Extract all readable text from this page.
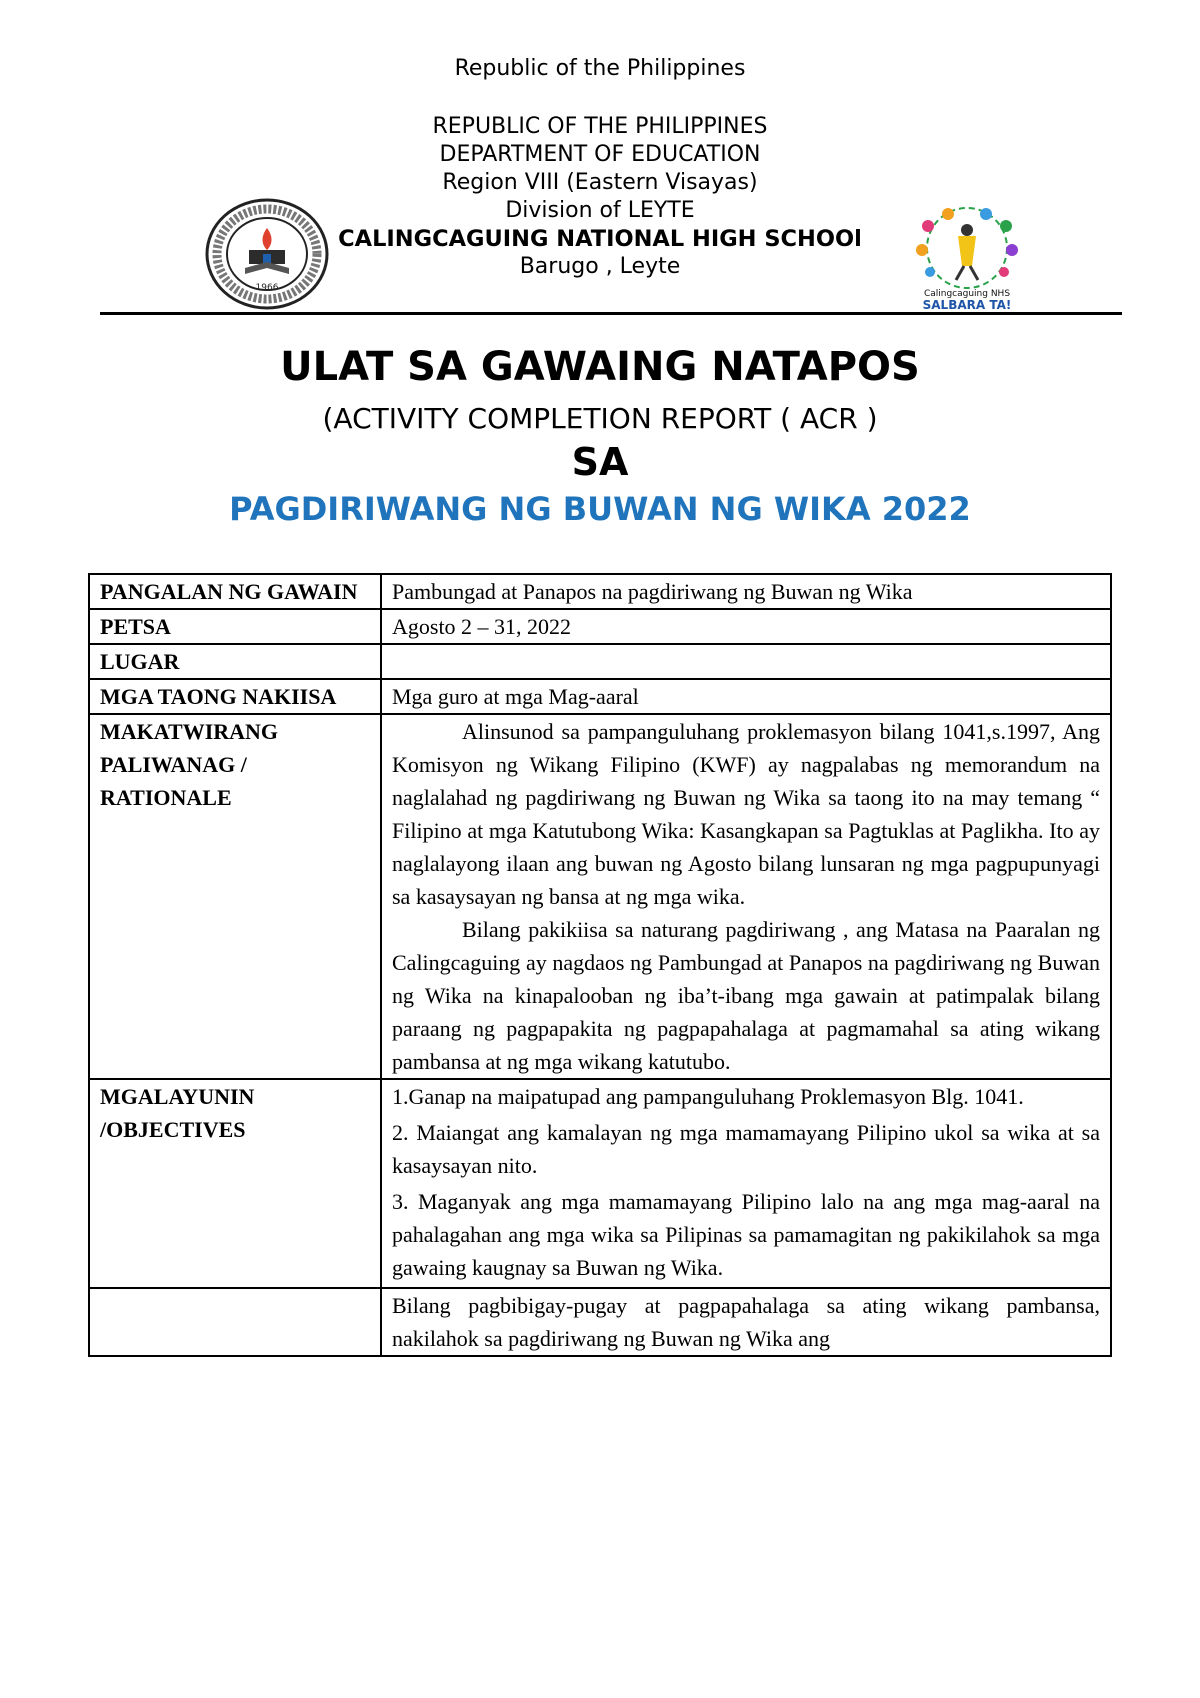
Republic of the Philippines
REPUBLIC OF THE PHILIPPINES
DEPARTMENT OF EDUCATION
Region VIII (Eastern Visayas)
Division of LEYTE
CALINGCAGUING NATIONAL HIGH SCHOOl
Barugo , Leyte
1966
Calingcaguing NHS
SALBARA TA!
ULAT SA GAWAING NATAPOS
(ACTIVITY COMPLETION REPORT ( ACR )
SA
PAGDIRIWANG NG BUWAN NG WIKA 2022
PANGALAN NG GAWAIN	Pambungad at Panapos na pagdiriwang ng Buwan ng Wika
PETSA	Agosto 2 – 31, 2022
LUGAR	
MGA TAONG NAKIISA	Mga guro at mga Mag-aaral
MAKATWIRANG PALIWANAG / RATIONALE	Alinsunod sa pampanguluhang proklemasyon bilang 1041,s.1997, Ang Komisyon ng Wikang Filipino (KWF) ay nagpalabas ng memorandum na naglalahad ng pagdiriwang ng Buwan ng Wika sa taong ito na may temang “ Filipino at mga Katutubong Wika: Kasangkapan sa Pagtuklas at Paglikha. Ito ay naglalayong ilaan ang buwan ng Agosto bilang lunsaran ng mga pagpupunyagi sa kasaysayan ng bansa at ng mga wika.

Bilang pakikiisa sa naturang pagdiriwang , ang Matasa na Paaralan ng Calingcaguing ay nagdaos ng Pambungad at Panapos na pagdiriwang ng Buwan ng Wika na kinapalooban ng iba’t-ibang mga gawain at patimpalak bilang paraang ng pagpapakita ng pagpapahalaga at pagmamahal sa ating wikang pambansa at ng mga wikang katutubo.

MGALAYUNIN /OBJECTIVES	1.Ganap na maipatupad ang pampanguluhang Proklemasyon Blg. 1041.

2. Maiangat ang kamalayan ng mga mamamayang Pilipino ukol sa wika at sa kasaysayan nito.

3. Maganyak ang mga mamamayang Pilipino lalo na ang mga mag-aaral na pahalagahan ang mga wika sa Pilipinas sa pamamagitan ng pakikilahok sa mga gawaing kaugnay sa Buwan ng Wika.

	Bilang pagbibigay-pugay at pagpapahalaga sa ating wikang pambansa, nakilahok sa pagdiriwang ng Buwan ng Wika ang
